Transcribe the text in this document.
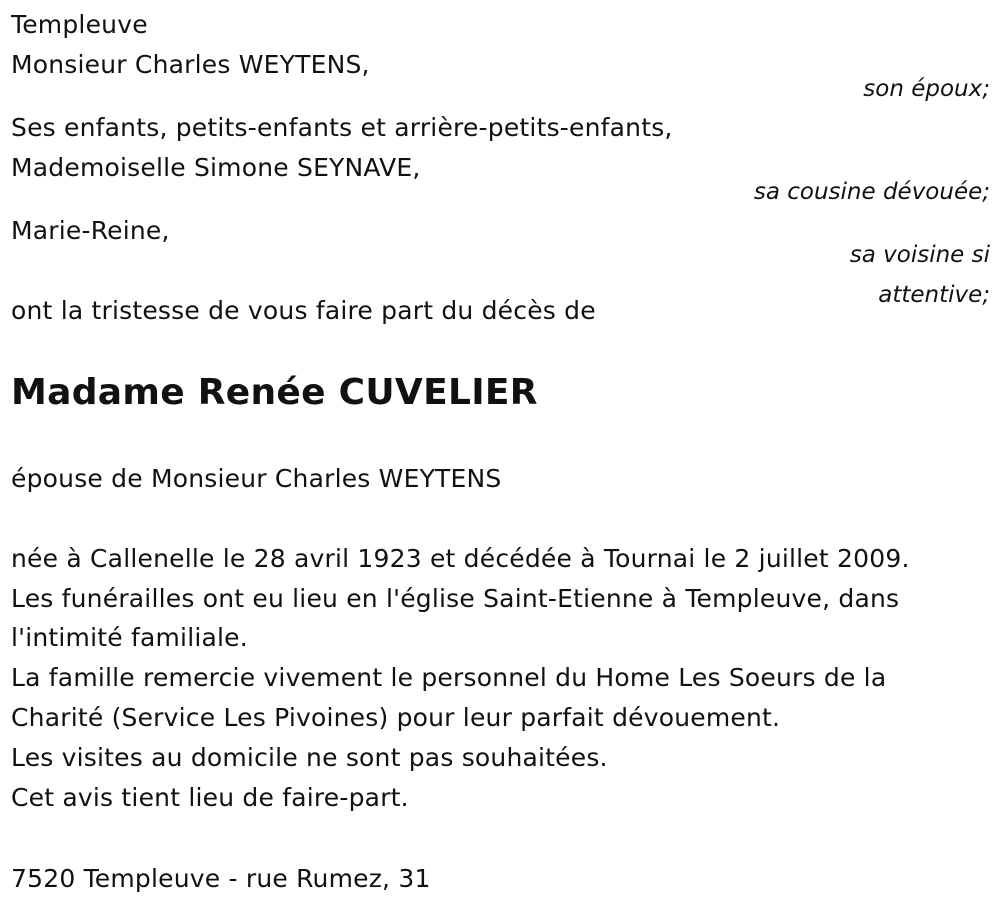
Templeuve
Monsieur Charles WEYTENS,
son époux;
Ses enfants, petits-enfants et arrière-petits-enfants,
Mademoiselle Simone SEYNAVE,
sa cousine dévouée;
Marie-Reine,
sa voisine si
attentive;
ont la tristesse de vous faire part du décès de
Madame Renée CUVELIER
épouse de Monsieur Charles WEYTENS
née à Callenelle le 28 avril 1923 et décédée à Tournai le 2 juillet 2009.
Les funérailles ont eu lieu en l'église Saint-Etienne à Templeuve, dans
l'intimité familiale.
La famille remercie vivement le personnel du Home Les Soeurs de la
Charité (Service Les Pivoines) pour leur parfait dévouement.
Les visites au domicile ne sont pas souhaitées.
Cet avis tient lieu de faire-part.
7520 Templeuve - rue Rumez, 31
